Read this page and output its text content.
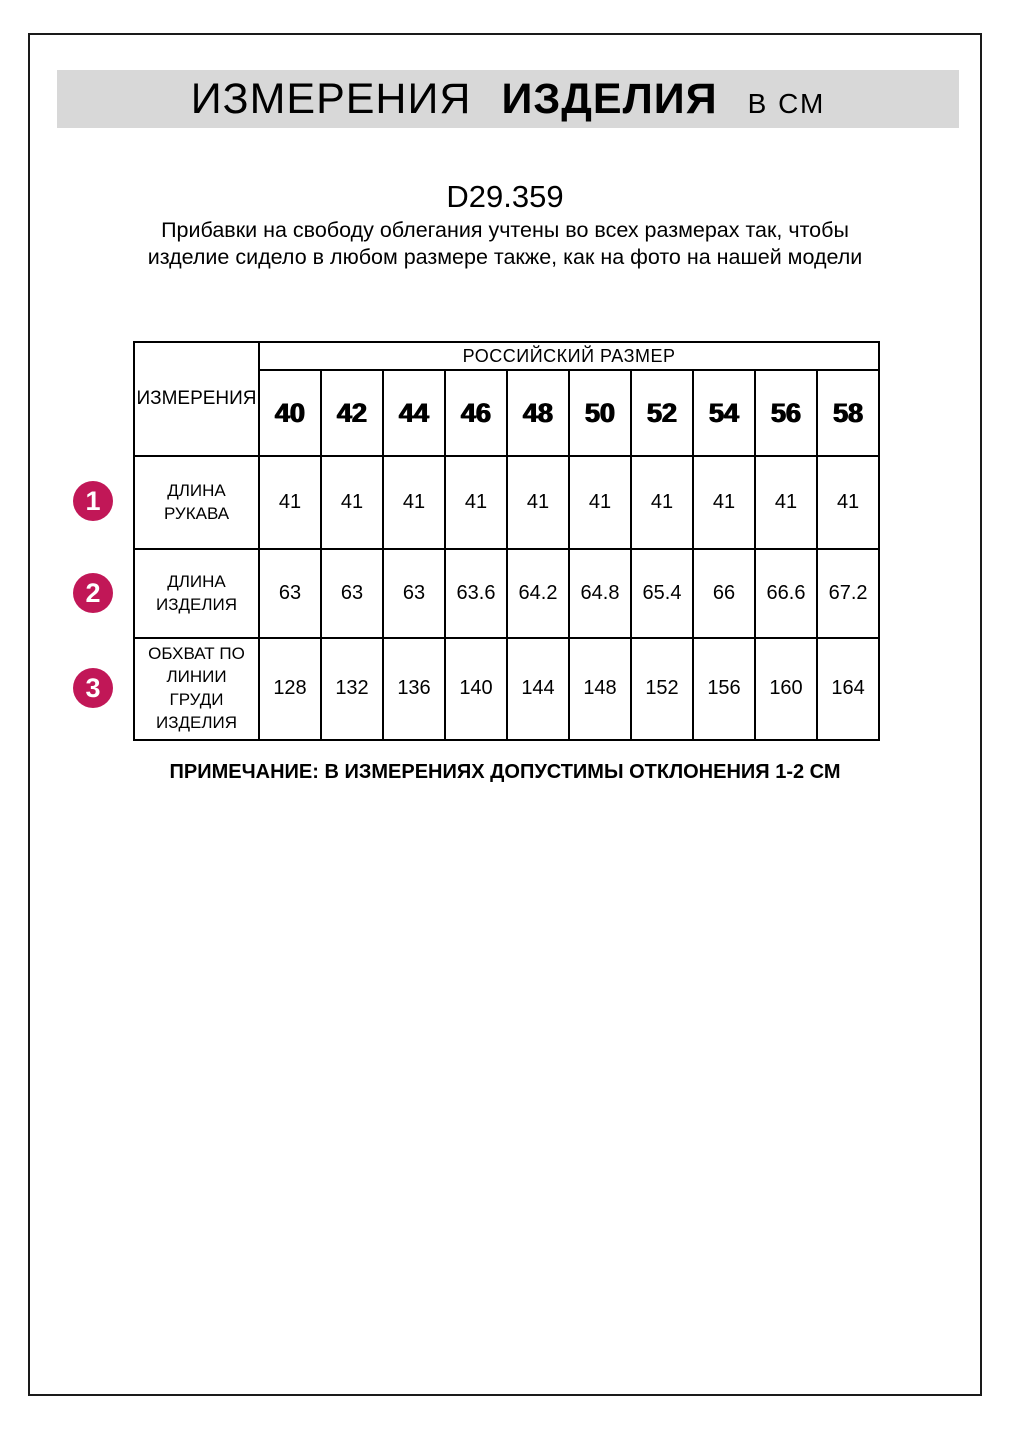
ИЗМЕРЕНИЯ ИЗДЕЛИЯ В СМ
D29.359

Прибавки на свободу облегания учтены во всех размерах так, чтобы изделие сидело в любом размере также, как на фото на нашей модели

1
2
3
ИЗМЕРЕНИЯ	РОССИЙСКИЙ РАЗМЕР									
	40	42	44	46	48	50	52	54	56	58
ДЛИНА РУКАВА	41	41	41	41	41	41	41	41	41	41
ДЛИНА ИЗДЕЛИЯ	63	63	63	63.6	64.2	64.8	65.4	66	66.6	67.2
ОБХВАТ ПО ЛИНИИ ГРУДИ ИЗДЕЛИЯ	128	132	136	140	144	148	152	156	160	164
ПРИМЕЧАНИЕ: В ИЗМЕРЕНИЯХ ДОПУСТИМЫ ОТКЛОНЕНИЯ 1-2 СМ
